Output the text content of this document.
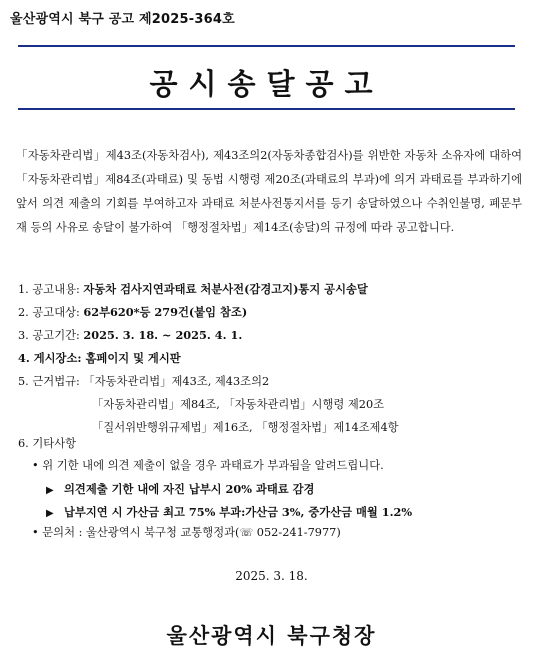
울산광역시 북구 공고 제2025-364호
공시송달공고

「자동차관리법」제43조(자동차검사), 제43조의2(자동차종합검사)를 위반한 자동차 소유자에 대하여 「자동차관리법」제84조(과태료) 및 동법 시행령 제20조(과태료의 부과)에 의거 과태료를 부과하기에 앞서 의견 제출의 기회를 부여하고자 과태료 처분사전통지서를 등기 송달하였으나 수취인불명, 폐문부재 등의 사유로 송달이 불가하여 「행정절차법」제14조(송달)의 규정에 따라 공고합니다.

1. 공고내용: 자동차 검사지연과태료 처분사전(감경고지)통지 공시송달
2. 공고대상: 62부620*등 279건(붙임 참조)
3. 공고기간: 2025. 3. 18. ~ 2025. 4. 1.
4. 게시장소: 홈페이지 및 게시판
5. 근거법규: 「자동차관리법」제43조, 제43조의2
「자동차관리법」제84조, 「자동차관리법」시행령 제20조
「질서위반행위규제법」제16조, 「행정절차법」제14조제4항
6. 기타사항
• 위 기한 내에 의견 제출이 없을 경우 과태료가 부과됨을 알려드립니다.
▶ 의견제출 기한 내에 자진 납부시 20% 과태료 감경
▶ 납부지연 시 가산금 최고 75% 부과:가산금 3%, 중가산금 매월 1.2%
• 문의처 : 울산광역시 북구청 교통행정과(☏ 052-241-7977)
2025. 3. 18.
울산광역시 북구청장
